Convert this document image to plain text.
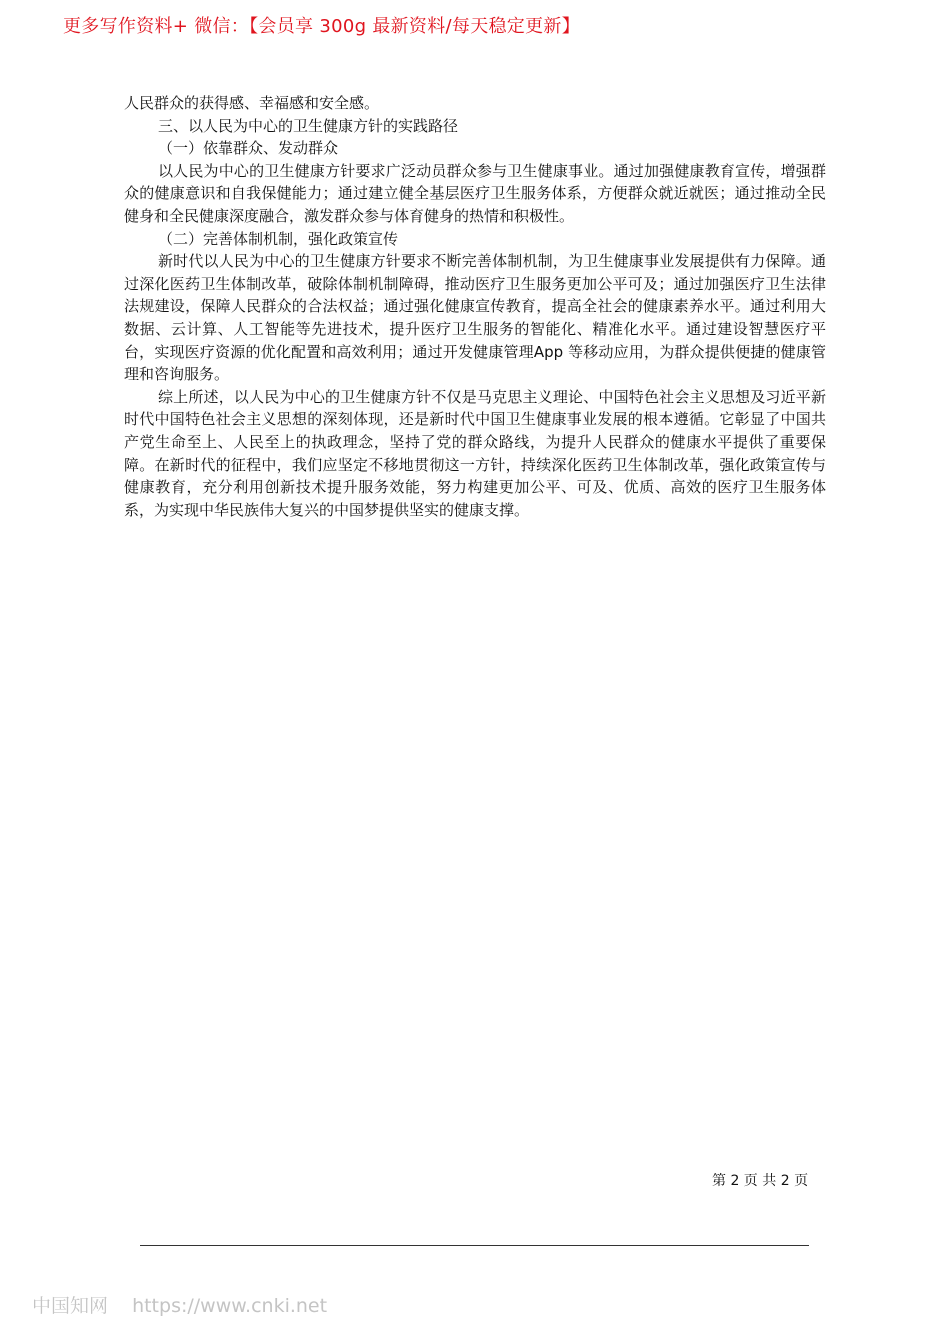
更多写作资料+ 微信：【会员享 300g 最新资料/每天稳定更新】

人民群众的获得感、幸福感和安全感。

三、以人民为中心的卫生健康方针的实践路径

（一）依靠群众、发动群众

以人民为中心的卫生健康方针要求广泛动员群众参与卫生健康事业。通过加强健康教育宣传，增强群众的健康意识和自我保健能力；通过建立健全基层医疗卫生服务体系，方便群众就近就医；通过推动全民健身和全民健康深度融合，激发群众参与体育健身的热情和积极性。

（二）完善体制机制，强化政策宣传

新时代以人民为中心的卫生健康方针要求不断完善体制机制，为卫生健康事业发展提供有力保障。通过深化医药卫生体制改革，破除体制机制障碍，推动医疗卫生服务更加公平可及；通过加强医疗卫生法律法规建设，保障人民群众的合法权益；通过强化健康宣传教育，提高全社会的健康素养水平。通过利用大数据、云计算、人工智能等先进技术，提升医疗卫生服务的智能化、精准化水平。通过建设智慧医疗平台，实现医疗资源的优化配置和高效利用；通过开发健康管理App 等移动应用，为群众提供便捷的健康管理和咨询服务。

综上所述，以人民为中心的卫生健康方针不仅是马克思主义理论、中国特色社会主义思想及习近平新时代中国特色社会主义思想的深刻体现，还是新时代中国卫生健康事业发展的根本遵循。它彰显了中国共产党生命至上、人民至上的执政理念，坚持了党的群众路线，为提升人民群众的健康水平提供了重要保障。在新时代的征程中，我们应坚定不移地贯彻这一方针，持续深化医药卫生体制改革，强化政策宣传与健康教育，充分利用创新技术提升服务效能，努力构建更加公平、可及、优质、高效的医疗卫生服务体系，为实现中华民族伟大复兴的中国梦提供坚实的健康支撑。

第 2 页 共 2 页
中国知网 https://www.cnki.net
